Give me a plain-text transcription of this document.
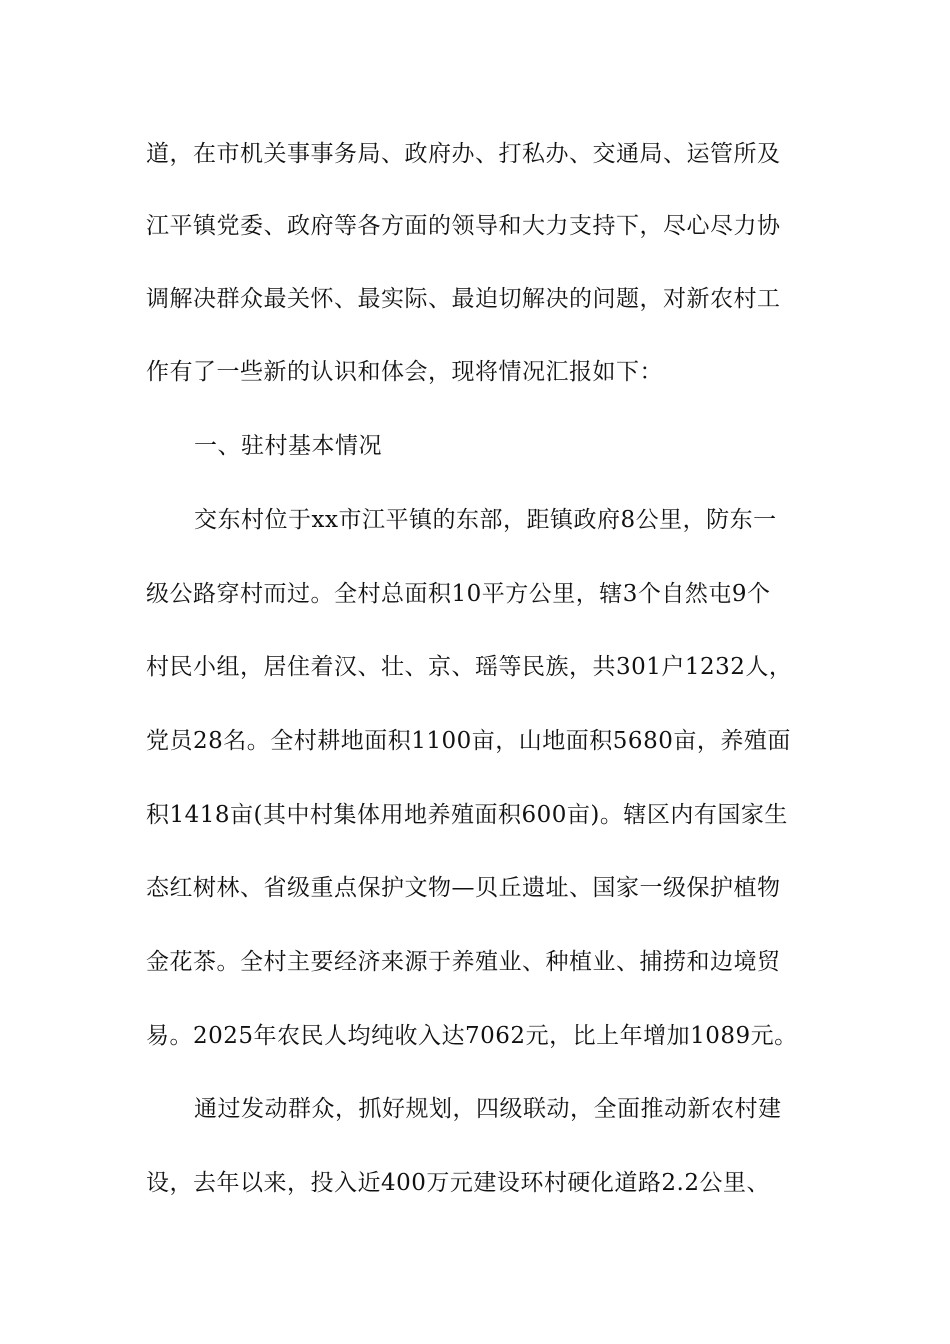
道，在市机关事事务局、政府办、打私办、交通局、运管所及
江平镇党委、政府等各方面的领导和大力支持下，尽心尽力协
调解决群众最关怀、最实际、最迫切解决的问题，对新农村工
作有了一些新的认识和体会，现将情况汇报如下：
一、驻村基本情况
交东村位于xx市江平镇的东部，距镇政府8公里，防东一
级公路穿村而过。全村总面积10平方公里，辖3个自然屯9个
村民小组，居住着汉、壮、京、瑶等民族，共301户1232人，
党员28名。全村耕地面积1100亩，山地面积5680亩，养殖面
积1418亩(其中村集体用地养殖面积600亩)。辖区内有国家生
态红树林、省级重点保护文物—贝丘遗址、国家一级保护植物
金花茶。全村主要经济来源于养殖业、种植业、捕捞和边境贸
易。2025年农民人均纯收入达7062元，比上年增加1089元。
通过发动群众，抓好规划，四级联动，全面推动新农村建
设，去年以来，投入近400万元建设环村硬化道路2.2公里、
